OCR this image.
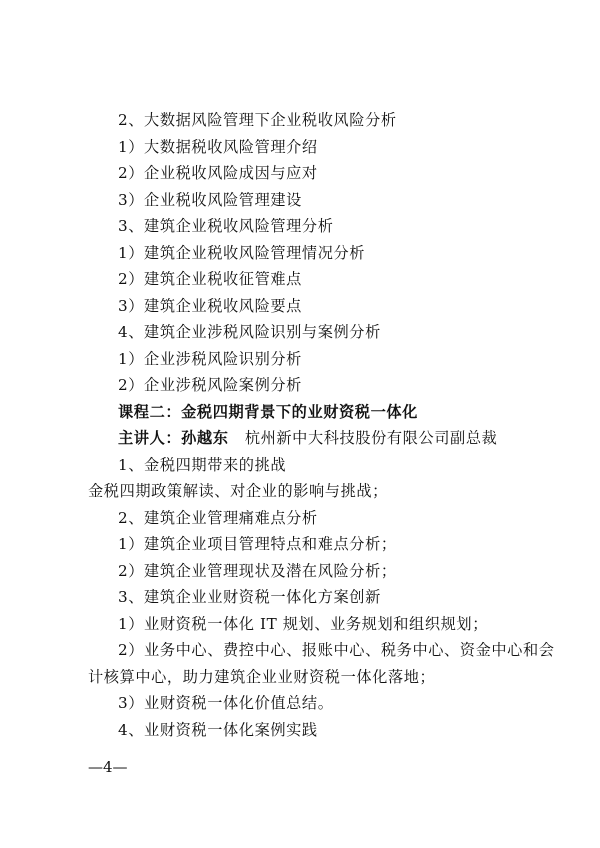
2、大数据风险管理下企业税收风险分析
1）大数据税收风险管理介绍
2）企业税收风险成因与应对
3）企业税收风险管理建设
3、建筑企业税收风险管理分析
1）建筑企业税收风险管理情况分析
2）建筑企业税收征管难点
3）建筑企业税收风险要点
4、建筑企业涉税风险识别与案例分析
1）企业涉税风险识别分析
2）企业涉税风险案例分析
课程二：金税四期背景下的业财资税一体化
主讲人：孙越东 杭州新中大科技股份有限公司副总裁
1、金税四期带来的挑战
金税四期政策解读、对企业的影响与挑战；
2、建筑企业管理痛难点分析
1）建筑企业项目管理特点和难点分析；
2）建筑企业管理现状及潜在风险分析；
3、建筑企业业财资税一体化方案创新
1）业财资税一体化 IT 规划、业务规划和组织规划；
2）业务中心、费控中心、报账中心、税务中心、资金中心和会
计核算中心，助力建筑企业业财资税一体化落地；
3）业财资税一体化价值总结。
4、业财资税一体化案例实践
—4—
